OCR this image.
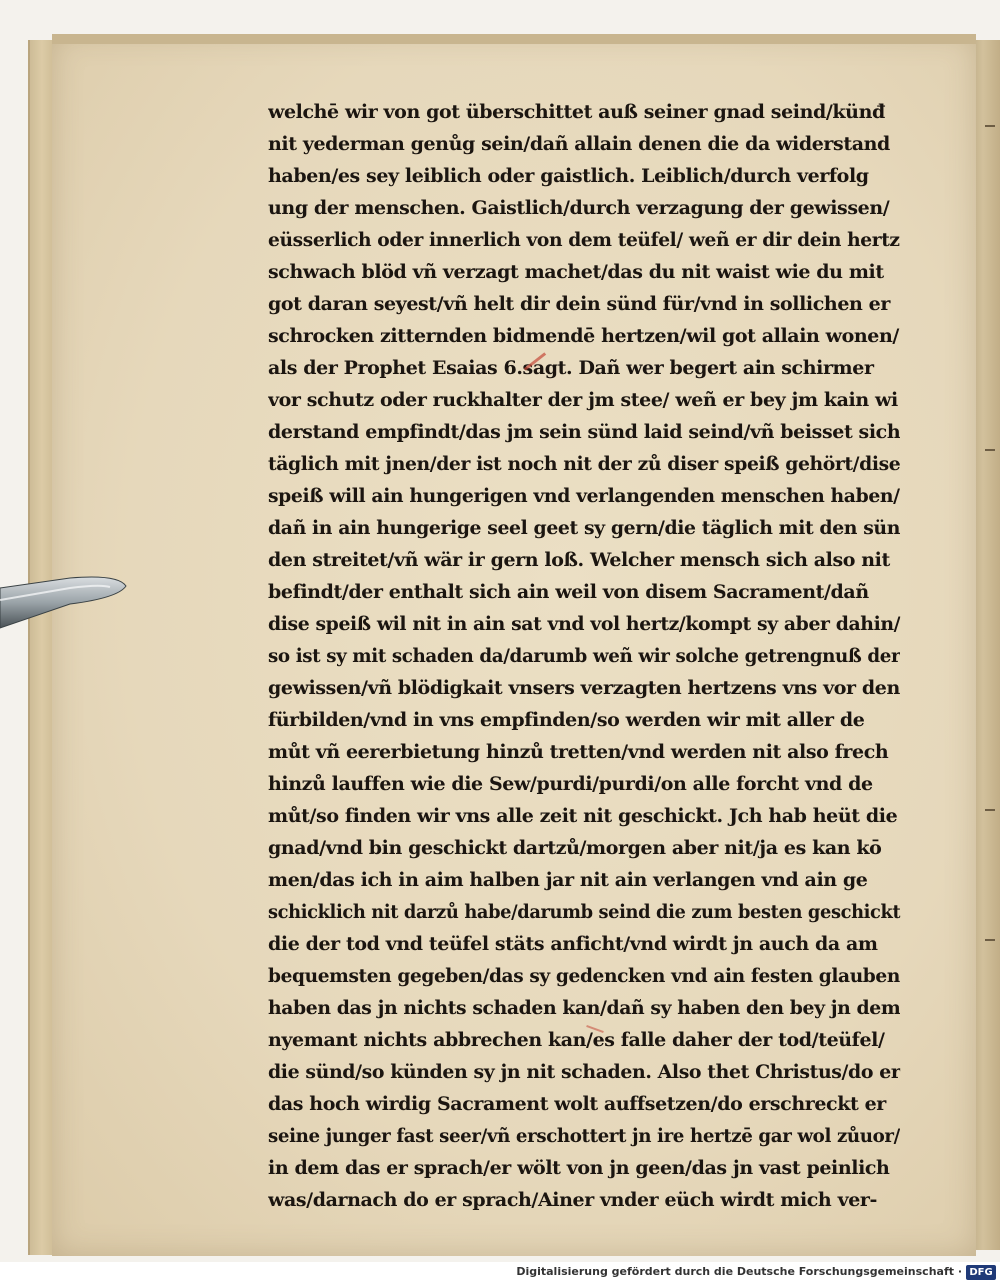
welchē wir von got überschittet auß seiner gnad seind/künđ
nit yederman genůg sein/dañ allain denen die da widerstand
haben/es sey leiblich oder gaistlich. Leiblich/durch verfolg
ung der menschen. Gaistlich/durch verzagung der gewissen/
eüsserlich oder innerlich von dem teüfel/ weñ er dir dein hertz
schwach blöd vñ verzagt machet/das du nit waist wie du mit
got daran seyest/vñ helt dir dein sünd für/vnd in sollichen er
schrocken zitternden bidmendē hertzen/wil got allain wonen/
als der Prophet Esaias 6.sagt. Dañ wer begert ain schirmer
vor schutz oder ruckhalter der jm stee/ weñ er bey jm kain wi
derstand empfindt/das jm sein sünd laid seind/vñ beisset sich
täglich mit jnen/der ist noch nit der zů diser speiß gehört/dise
speiß will ain hungerigen vnd verlangenden menschen haben/
dañ in ain hungerige seel geet sy gern/die täglich mit den sün
den streitet/vñ wär ir gern loß. Welcher mensch sich also nit
befindt/der enthalt sich ain weil von disem Sacrament/dañ
dise speiß wil nit in ain sat vnd vol hertz/kompt sy aber dahin/
so ist sy mit schaden da/darumb weñ wir solche getrengnuß der
gewissen/vñ blödigkait vnsers verzagten hertzens vns vor den
fürbilden/vnd in vns empfinden/so werden wir mit aller de
můt vñ eererbietung hinzů tretten/vnd werden nit also frech
hinzů lauffen wie die Sew/purdi/purdi/on alle forcht vnd de
můt/so finden wir vns alle zeit nit geschickt. Jch hab heüt die
gnad/vnd bin geschickt dartzů/morgen aber nit/ja es kan kō
men/das ich in aim halben jar nit ain verlangen vnd ain ge
schicklich nit darzů habe/darumb seind die zum besten geschickt
die der tod vnd teüfel stäts anficht/vnd wirdt jn auch da am
bequemsten gegeben/das sy gedencken vnd ain festen glauben
haben das jn nichts schaden kan/dañ sy haben den bey jn dem
nyemant nichts abbrechen kan/es falle daher der tod/teüfel/
die sünd/so künden sy jn nit schaden. Also thet Christus/do er
das hoch wirdig Sacrament wolt auffsetzen/do erschreckt er
seine junger fast seer/vñ erschottert jn ire hertzē gar wol zůuor/
in dem das er sprach/er wölt von jn geen/das jn vast peinlich
was/darnach do er sprach/Ainer vnder eüch wirdt mich ver-
Digitalisierung gefördert durch die Deutsche Forschungsgemeinschaft · DFG
